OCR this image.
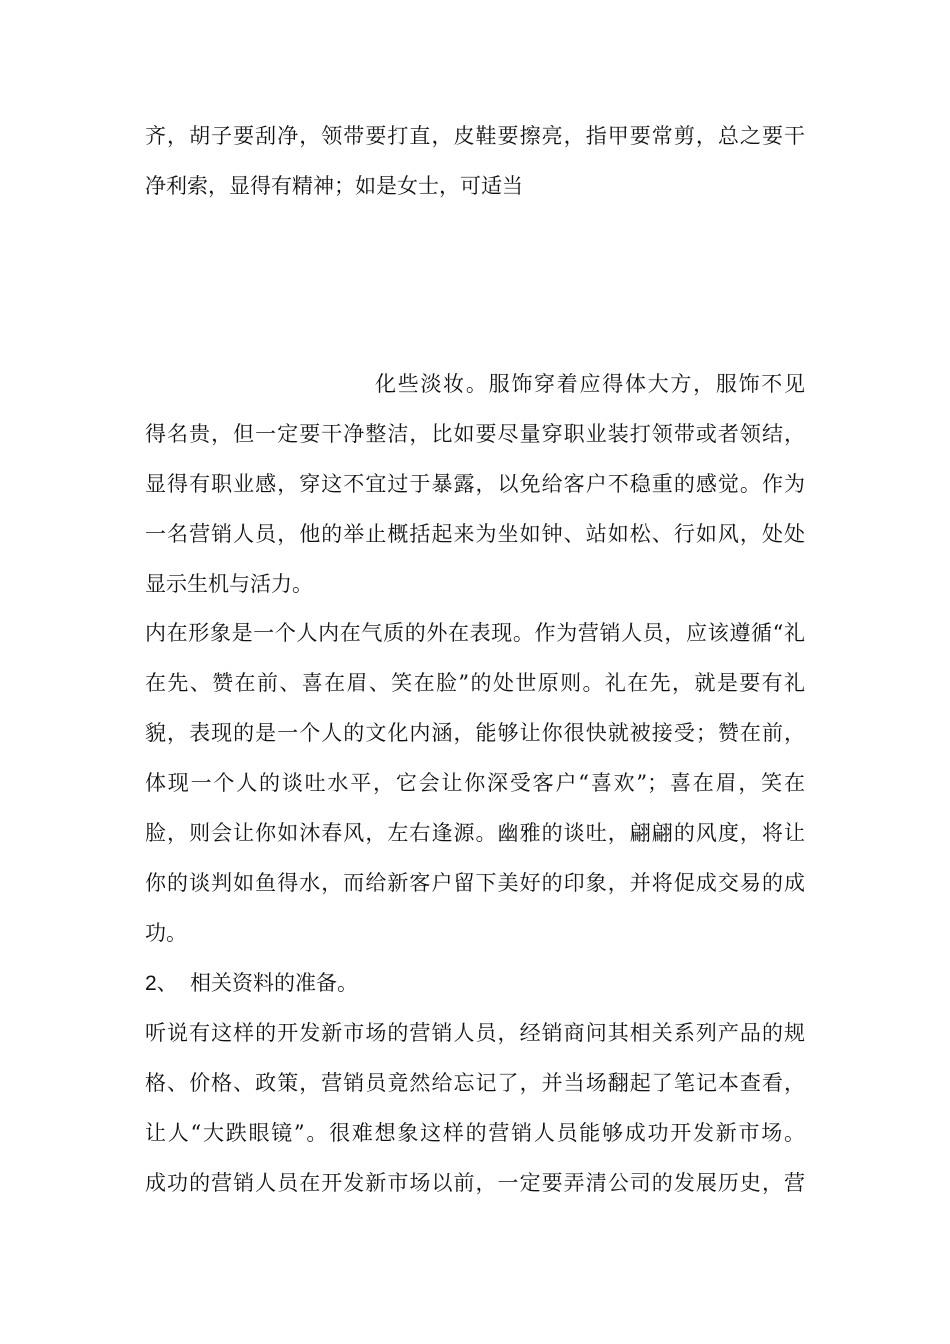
齐，胡子要刮净，领带要打直，皮鞋要擦亮，指甲要常剪，总之要干
净利索，显得有精神；如是女士，可适当
化些淡妆。服饰穿着应得体大方，服饰不见
得名贵，但一定要干净整洁，比如要尽量穿职业装打领带或者领结，
显得有职业感，穿这不宜过于暴露，以免给客户不稳重的感觉。作为
一名营销人员，他的举止概括起来为坐如钟、站如松、行如风，处处
显示生机与活力。
内在形象是一个人内在气质的外在表现。作为营销人员，应该遵循“礼
在先、赞在前、喜在眉、笑在脸”的处世原则。礼在先，就是要有礼
貌，表现的是一个人的文化内涵，能够让你很快就被接受；赞在前，
体现一个人的谈吐水平，它会让你深受客户“喜欢”；喜在眉，笑在
脸，则会让你如沐春风，左右逢源。幽雅的谈吐，翩翩的风度，将让
你的谈判如鱼得水，而给新客户留下美好的印象，并将促成交易的成
功。
2、 相关资料的准备。
听说有这样的开发新市场的营销人员，经销商问其相关系列产品的规
格、价格、政策，营销员竟然给忘记了，并当场翻起了笔记本查看，
让人“大跌眼镜”。很难想象这样的营销人员能够成功开发新市场。
成功的营销人员在开发新市场以前，一定要弄清公司的发展历史，营
